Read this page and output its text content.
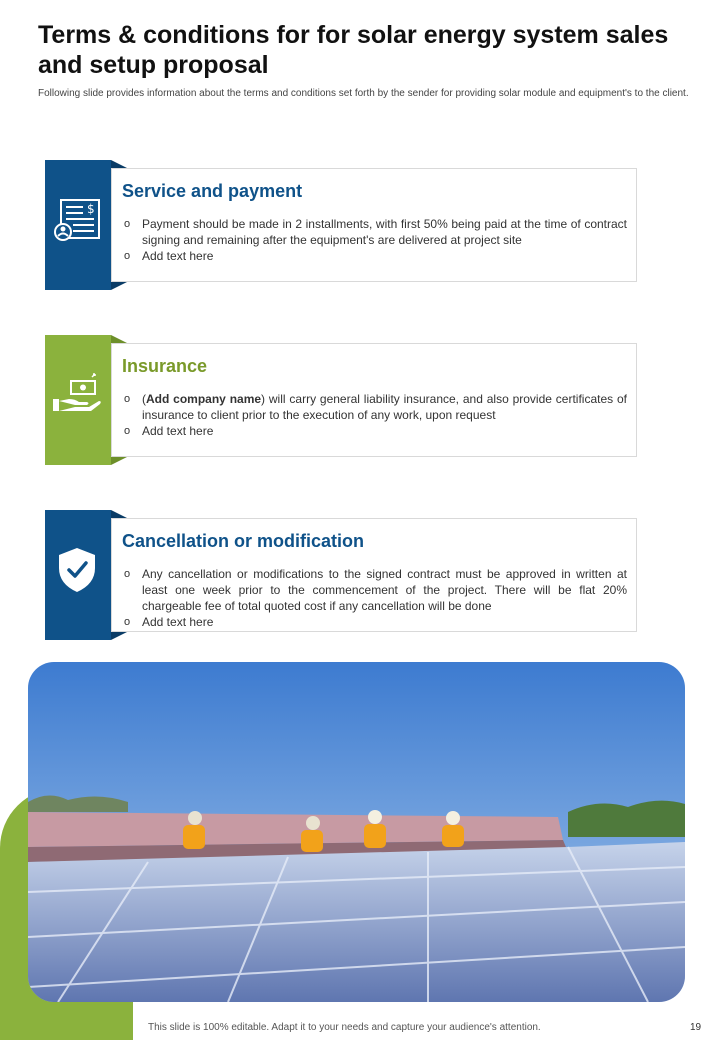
Terms & conditions for for solar energy system sales and setup proposal

Following slide provides information about the terms and conditions set forth by the sender for providing solar module and equipment's to the client.

$
Service and payment
o Payment should be made in 2 installments, with first 50% being paid at the time of contract signing and remaining after the equipment's are delivered at project site
o Add text here
Insurance
o (Add company name) will carry general liability insurance, and also provide certificates of insurance to client prior to the execution of any work, upon request
o Add text here
Cancellation or modification
o Any cancellation or modifications to the signed contract must be approved in written at least one week prior to the commencement of the project. There will be flat 20% chargeable fee of total quoted cost if any cancellation will be done
o Add text here

This slide is 100% editable. Adapt it to your needs and capture your audience's attention.	19
